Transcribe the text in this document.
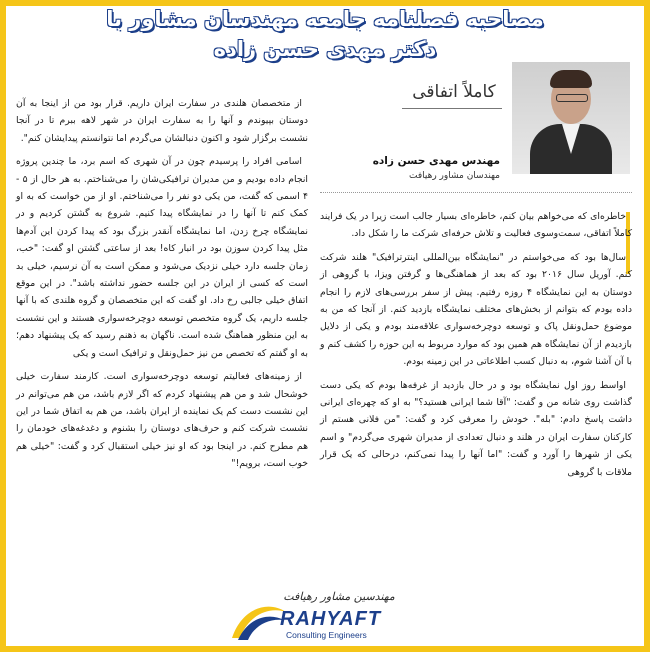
مصاحبه فصلنامه جامعه مهندسان مشاور با
دکتر مهدی حسن زاده
کاملاً اتفاقی
مهندس مهدی حسن زاده
مهندسان مشاور رهیافت

خاطره‌ای که می‌خواهم بیان کنم، خاطره‌ای بسیار جالب است زیرا در یک فرایند کاملاً اتفاقی، سمت‌وسوی فعالیت و تلاش حرفه‌ای شرکت ما را شکل داد.

سال‌ها بود که می‌خواستم در "نمایشگاه بین‌المللی اینترترافیک" هلند شرکت کنم. آوریل سال ۲۰۱۶ بود که بعد از هماهنگی‌ها و گرفتن ویزا، با گروهی از دوستان به این نمایشگاه ۴ روزه رفتیم. پیش از سفر بررسی‌های لازم را انجام داده بودم که بتوانم از بخش‌های مختلف نمایشگاه بازدید کنم. از آنجا که من به موضوع حمل‌ونقل پاک و توسعه دوچرخه‌سواری علاقه‌مند بودم و یکی از دلایل بازدیدم از آن نمایشگاه هم همین بود که موارد مربوط به این حوزه را کشف کنم و با آن آشنا شوم، به دنبال کسب اطلاعاتی در این زمینه بودم.

اواسط روز اول نمایشگاه بود و در حال بازدید از غرفه‌ها بودم که یکی دست گذاشت روی شانه من و گفت: "آقا شما ایرانی هستید؟" به او که چهره‌ای ایرانی داشت پاسخ دادم: "بله". خودش را معرفی کرد و گفت: "من فلانی هستم از کارکنان سفارت ایران در هلند و دنبال تعدادی از مدیران شهری می‌گردم" و اسم یکی از شهرها را آورد و گفت: "اما آنها را پیدا نمی‌کنم، درحالی که یک قرار ملاقات با گروهی

از متخصصان هلندی در سفارت ایران داریم. قرار بود من از اینجا به آن دوستان بپیوندم و آنها را به سفارت ایران در شهر لاهه ببرم تا در آنجا نشست برگزار شود و اکنون دنبالشان می‌گردم اما نتوانستم پیدایشان کنم".

اسامی افراد را پرسیدم چون در آن شهری که اسم برد، ما چندین پروژه انجام داده بودیم و من مدیران ترافیکی‌شان را می‌شناختم. به هر حال از ۵ - ۴ اسمی که گفت، من یکی دو نفر را می‌شناختم. او از من خواست که به او کمک کنم تا آنها را در نمایشگاه پیدا کنیم. شروع به گشتن کردیم و در نمایشگاه چرخ زدن، اما نمایشگاه آنقدر بزرگ بود که پیدا کردن این آدم‌ها مثل پیدا کردن سوزن بود در انبار کاه! بعد از ساعتی گشتن او گفت: "خب، زمان جلسه دارد خیلی نزدیک می‌شود و ممکن است به آن نرسیم، خیلی بد است که کسی از ایران در این جلسه حضور نداشته باشد". در این موقع اتفاق خیلی جالبی رخ داد. او گفت که این متخصصان و گروه هلندی که با آنها جلسه داریم، یک گروه متخصص توسعه دوچرخه‌سواری هستند و این نشست به این منظور هماهنگ شده است. ناگهان به ذهنم رسید که یک پیشنهاد دهم؛ به او گفتم که تخصص من نیز حمل‌ونقل و ترافیک است و یکی

از زمینه‌های فعالیتم توسعه دوچرخه‌سواری است. کارمند سفارت خیلی خوشحال شد و من هم پیشنهاد کردم که اگر لازم باشد، من هم می‌توانم در این نشست دست کم یک نماینده از ایران باشد، من هم به اتفاق شما در این نشست شرکت کنم و حرف‌های دوستان را بشنوم و دغدغه‌های خودمان را هم مطرح کنم. در اینجا بود که او نیز خیلی استقبال کرد و گفت: "خیلی هم خوب است، برویم!"

مهندسین مشاور رهیافت
RAHYAFT
Consulting Engineers
